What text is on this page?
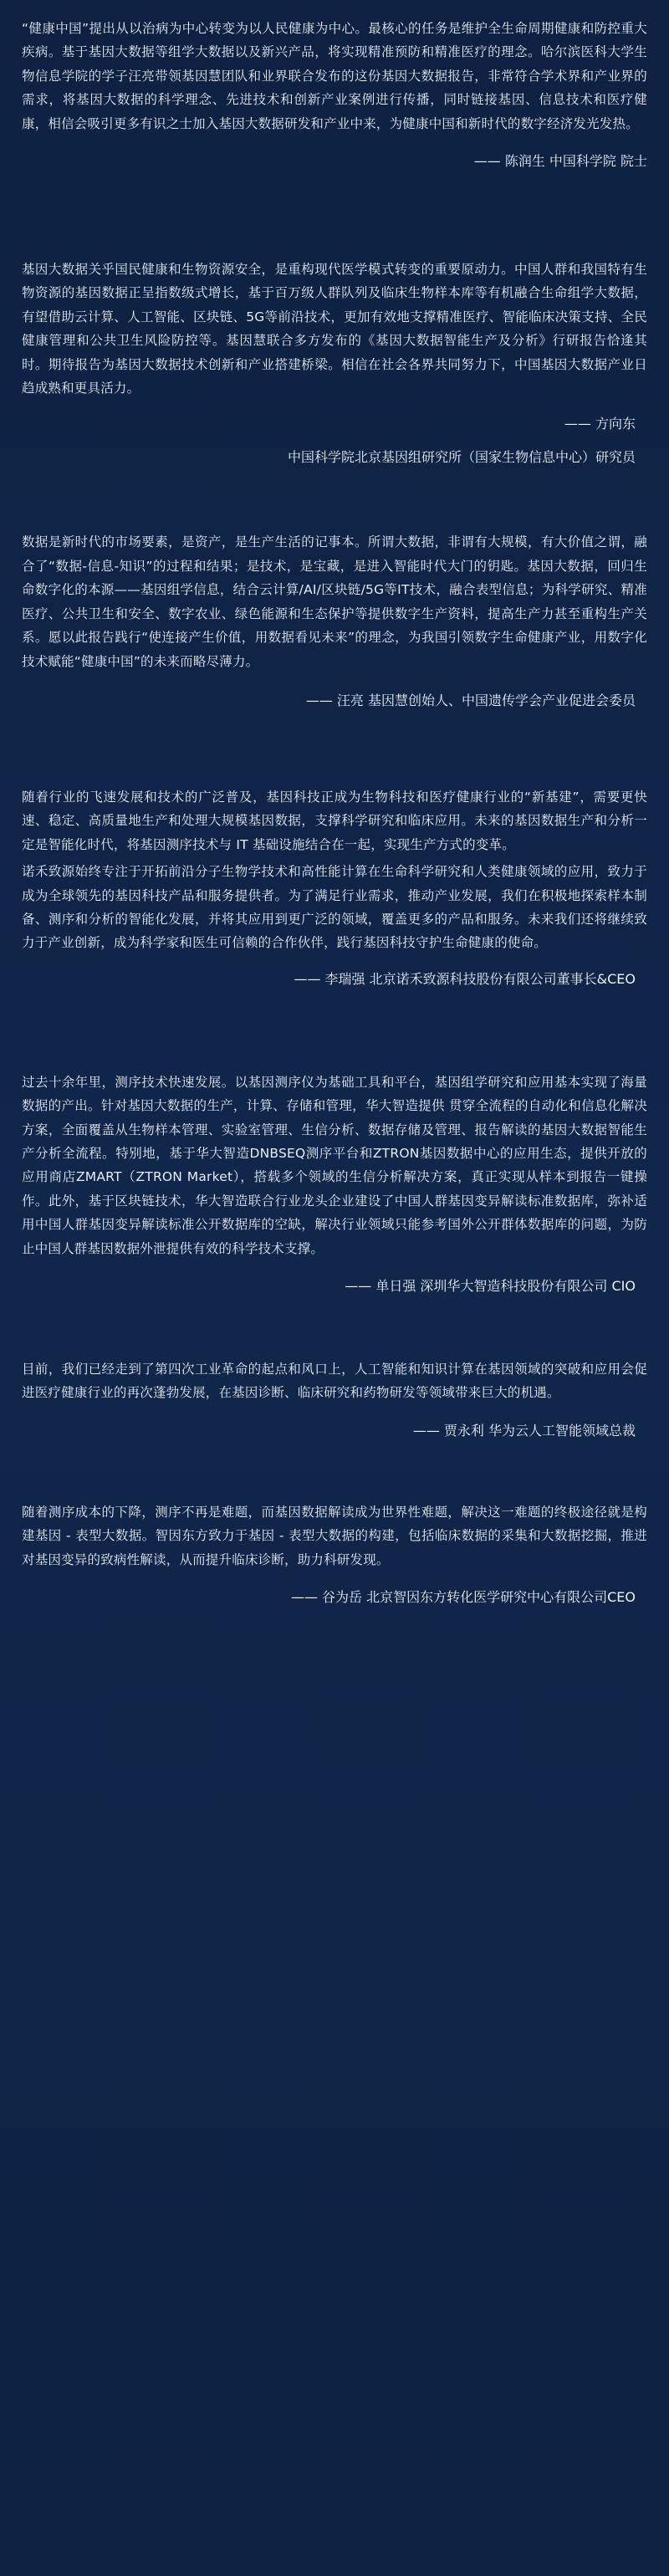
“健康中国”提出从以治病为中心转变为以人民健康为中心。最核心的任务是维护全生命周期健康和防控重大疾病。基于基因大数据等组学大数据以及新兴产品，将实现精准预防和精准医疗的理念。哈尔滨医科大学生物信息学院的学子汪亮带领基因慧团队和业界联合发布的这份基因大数据报告，非常符合学术界和产业界的需求，将基因大数据的科学理念、先进技术和创新产业案例进行传播，同时链接基因、信息技术和医疗健康，相信会吸引更多有识之士加入基因大数据研发和产业中来，为健康中国和新时代的数字经济发光发热。

—— 陈润生 中国科学院 院士

基因大数据关乎国民健康和生物资源安全，是重构现代医学模式转变的重要原动力。中国人群和我国特有生物资源的基因数据正呈指数级式增长，基于百万级人群队列及临床生物样本库等有机融合生命组学大数据，有望借助云计算、人工智能、区块链、5G等前沿技术，更加有效地支撑精准医疗、智能临床决策支持、全民健康管理和公共卫生风险防控等。基因慧联合多方发布的《基因大数据智能生产及分析》行研报告恰逢其时。期待报告为基因大数据技术创新和产业搭建桥梁。相信在社会各界共同努力下，中国基因大数据产业日趋成熟和更具活力。

—— 方向东
中国科学院北京基因组研究所（国家生物信息中心）研究员

数据是新时代的市场要素，是资产，是生产生活的记事本。所谓大数据，非谓有大规模，有大价值之谓，融合了“数据-信息-知识”的过程和结果；是技术，是宝藏，是进入智能时代大门的钥匙。基因大数据，回归生命数字化的本源——基因组学信息，结合云计算/AI/区块链/5G等IT技术，融合表型信息；为科学研究、精准医疗、公共卫生和安全、数字农业、绿色能源和生态保护等提供数字生产资料，提高生产力甚至重构生产关系。愿以此报告践行“使连接产生价值，用数据看见未来”的理念，为我国引领数字生命健康产业，用数字化技术赋能“健康中国”的未来而略尽薄力。

—— 汪亮 基因慧创始人、中国遗传学会产业促进会委员

随着行业的飞速发展和技术的广泛普及，基因科技正成为生物科技和医疗健康行业的“新基建”，需要更快速、稳定、高质量地生产和处理大规模基因数据，支撑科学研究和临床应用。未来的基因数据生产和分析一定是智能化时代，将基因测序技术与 IT 基础设施结合在一起，实现生产方式的变革。

诺禾致源始终专注于开拓前沿分子生物学技术和高性能计算在生命科学研究和人类健康领域的应用，致力于成为全球领先的基因科技产品和服务提供者。为了满足行业需求，推动产业发展，我们在积极地探索样本制备、测序和分析的智能化发展，并将其应用到更广泛的领域，覆盖更多的产品和服务。未来我们还将继续致力于产业创新，成为科学家和医生可信赖的合作伙伴，践行基因科技守护生命健康的使命。

—— 李瑞强 北京诺禾致源科技股份有限公司董事长&CEO

过去十余年里，测序技术快速发展。以基因测序仪为基础工具和平台，基因组学研究和应用基本实现了海量数据的产出。针对基因大数据的生产，计算、存储和管理，华大智造提供 贯穿全流程的自动化和信息化解决方案，全面覆盖从生物样本管理、实验室管理、生信分析、数据存储及管理、报告解读的基因大数据智能生产分析全流程。特别地，基于华大智造DNBSEQ测序平台和ZTRON基因数据中心的应用生态，提供开放的应用商店ZMART（ZTRON Market），搭载多个领域的生信分析解决方案，真正实现从样本到报告一键操作。此外，基于区块链技术，华大智造联合行业龙头企业建设了中国人群基因变异解读标准数据库，弥补适用中国人群基因变异解读标准公开数据库的空缺，解决行业领域只能参考国外公开群体数据库的问题，为防止中国人群基因数据外泄提供有效的科学技术支撑。

—— 单日强 深圳华大智造科技股份有限公司 CIO

目前，我们已经走到了第四次工业革命的起点和风口上，人工智能和知识计算在基因领域的突破和应用会促进医疗健康行业的再次蓬勃发展，在基因诊断、临床研究和药物研发等领域带来巨大的机遇。

—— 贾永利 华为云人工智能领域总裁

随着测序成本的下降，测序不再是难题，而基因数据解读成为世界性难题，解决这一难题的终极途径就是构建基因 - 表型大数据。智因东方致力于基因 - 表型大数据的构建，包括临床数据的采集和大数据挖掘，推进对基因变异的致病性解读，从而提升临床诊断，助力科研发现。

—— 谷为岳 北京智因东方转化医学研究中心有限公司CEO
